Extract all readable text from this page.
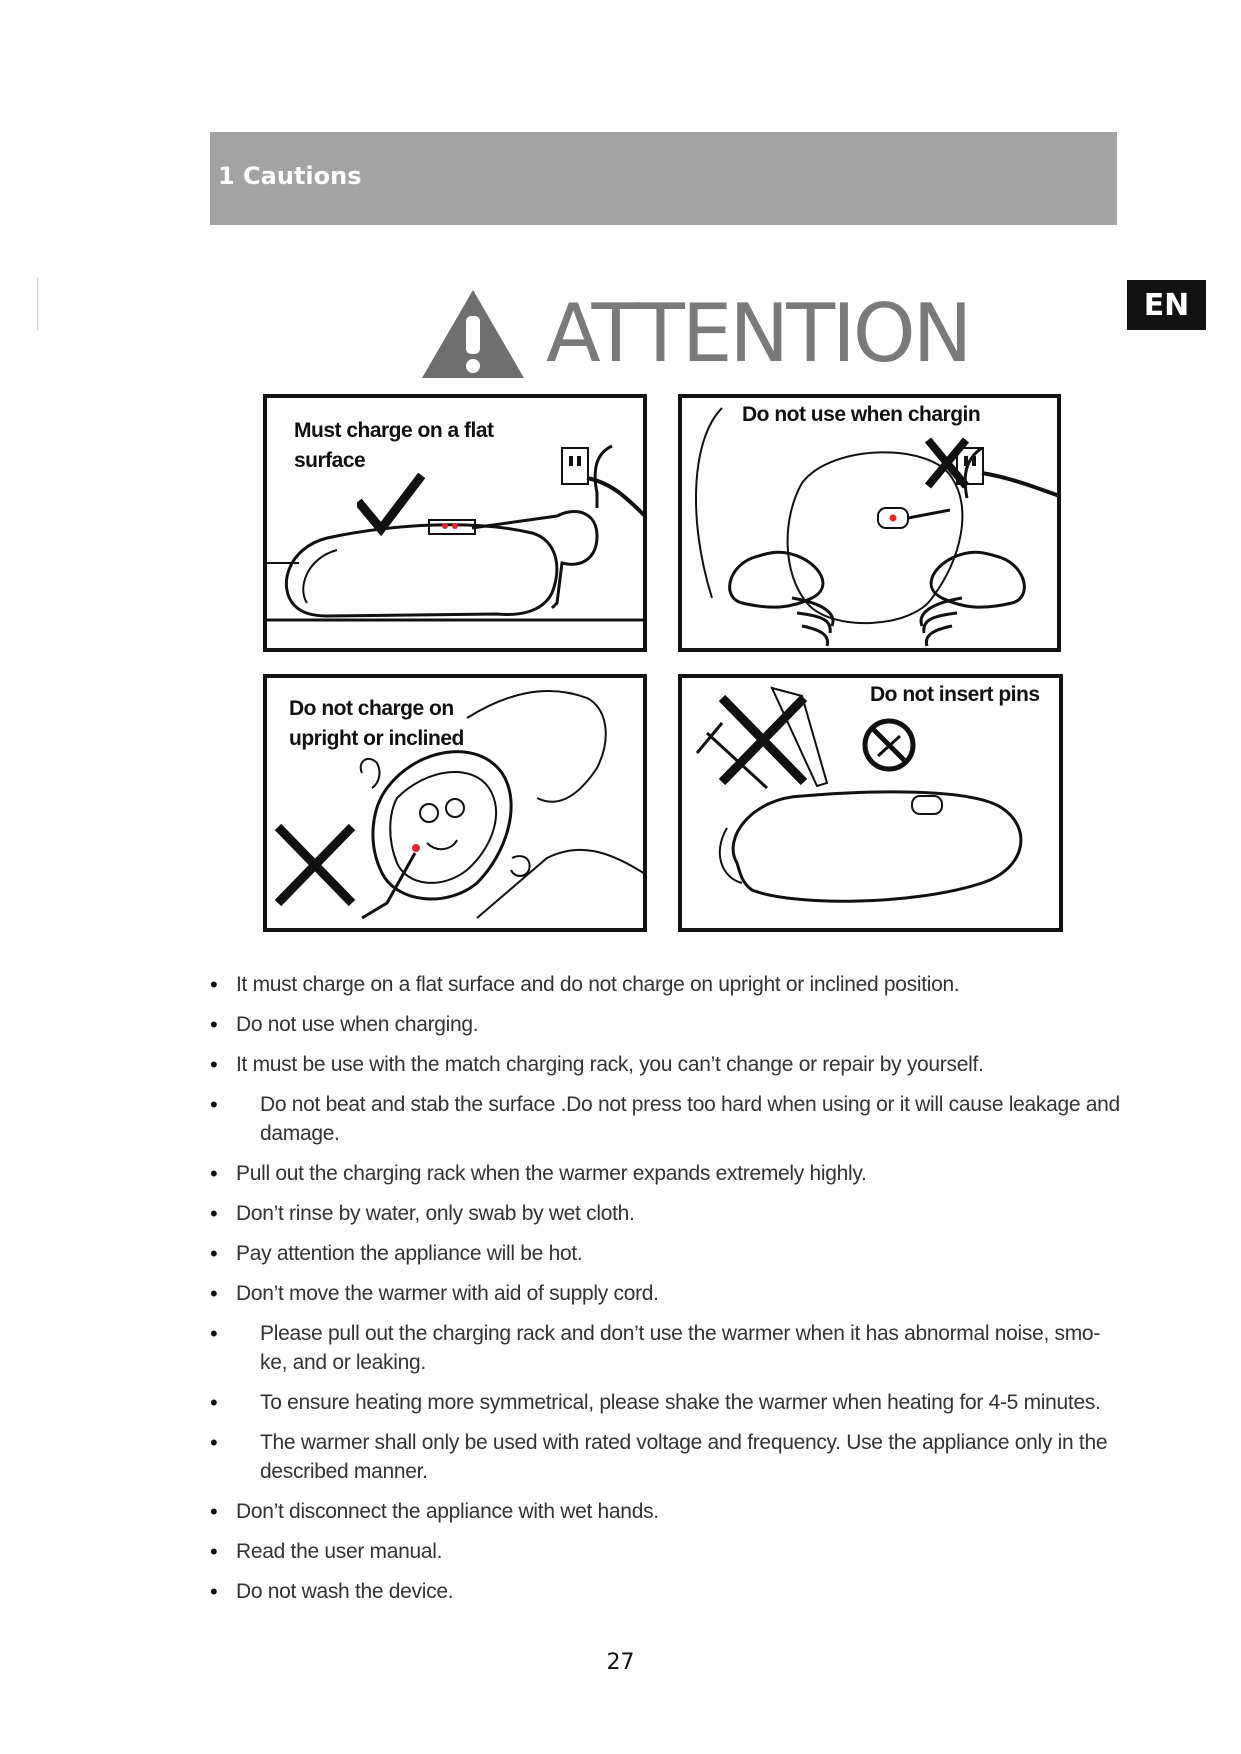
1 Cautions
EN
ATTENTION
Must charge on a flat surface
Do not use when chargin
Do not charge on upright or inclined
Do not insert pins
• It must charge on a flat surface and do not charge on upright or inclined position.
• Do not use when charging.
• It must be use with the match charging rack, you can’t change or repair by yourself.
• Do not beat and stab the surface .Do not press too hard when using or it will cause leakage and damage.
• Pull out the charging rack when the warmer expands extremely highly.
• Don’t rinse by water, only swab by wet cloth.
• Pay attention the appliance will be hot.
• Don’t move the warmer with aid of supply cord.
• Please pull out the charging rack and don’t use the warmer when it has abnormal noise, smo-ke, and or leaking.
• To ensure heating more symmetrical, please shake the warmer when heating for 4-5 minutes.
• The warmer shall only be used with rated voltage and frequency. Use the appliance only in the described manner.
• Don’t disconnect the appliance with wet hands.
• Read the user manual.
• Do not wash the device.
27
